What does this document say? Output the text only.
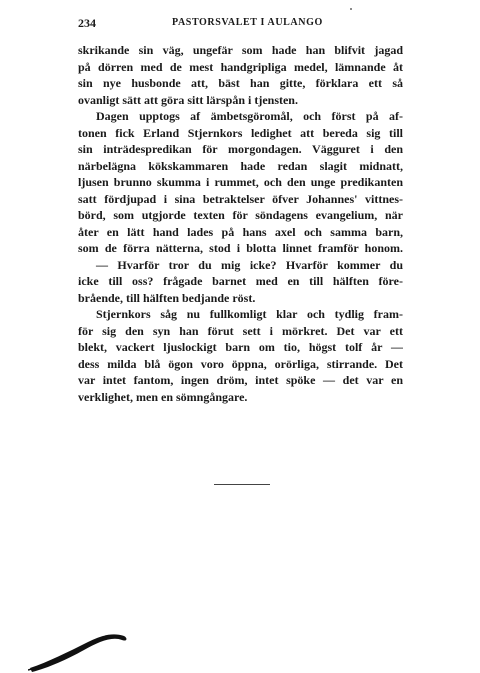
234	PASTORSVALET I AULANGO
skrikande sin väg, ungefär som hade han blifvit jagad
på dörren med de mest handgripliga medel, lämnande åt
sin nye husbonde att, bäst han gitte, förklara ett så
ovanligt sätt att göra sitt lärspån i tjensten.
Dagen upptogs af ämbetsgöromål, och först på af-
tonen fick Erland Stjernkors ledighet att bereda sig till
sin inträdespredikan för morgondagen. Vägguret i den
närbelägna kökskammaren hade redan slagit midnatt,
ljusen brunno skumma i rummet, och den unge predikanten
satt fördjupad i sina betraktelser öfver Johannes' vittnes-
börd, som utgjorde texten för söndagens evangelium, när
åter en lätt hand lades på hans axel och samma barn,
som de förra nätterna, stod i blotta linnet framför honom.
— Hvarför tror du mig icke? Hvarför kommer du
icke till oss? frågade barnet med en till hälften före-
brående, till hälften bedjande röst.
Stjernkors såg nu fullkomligt klar och tydlig fram-
för sig den syn han förut sett i mörkret. Det var ett
blekt, vackert ljuslockigt barn om tio, högst tolf år —
dess milda blå ögon voro öppna, orörliga, stirrande. Det
var intet fantom, ingen dröm, intet spöke — det var en
verklighet, men en sömngångare.
